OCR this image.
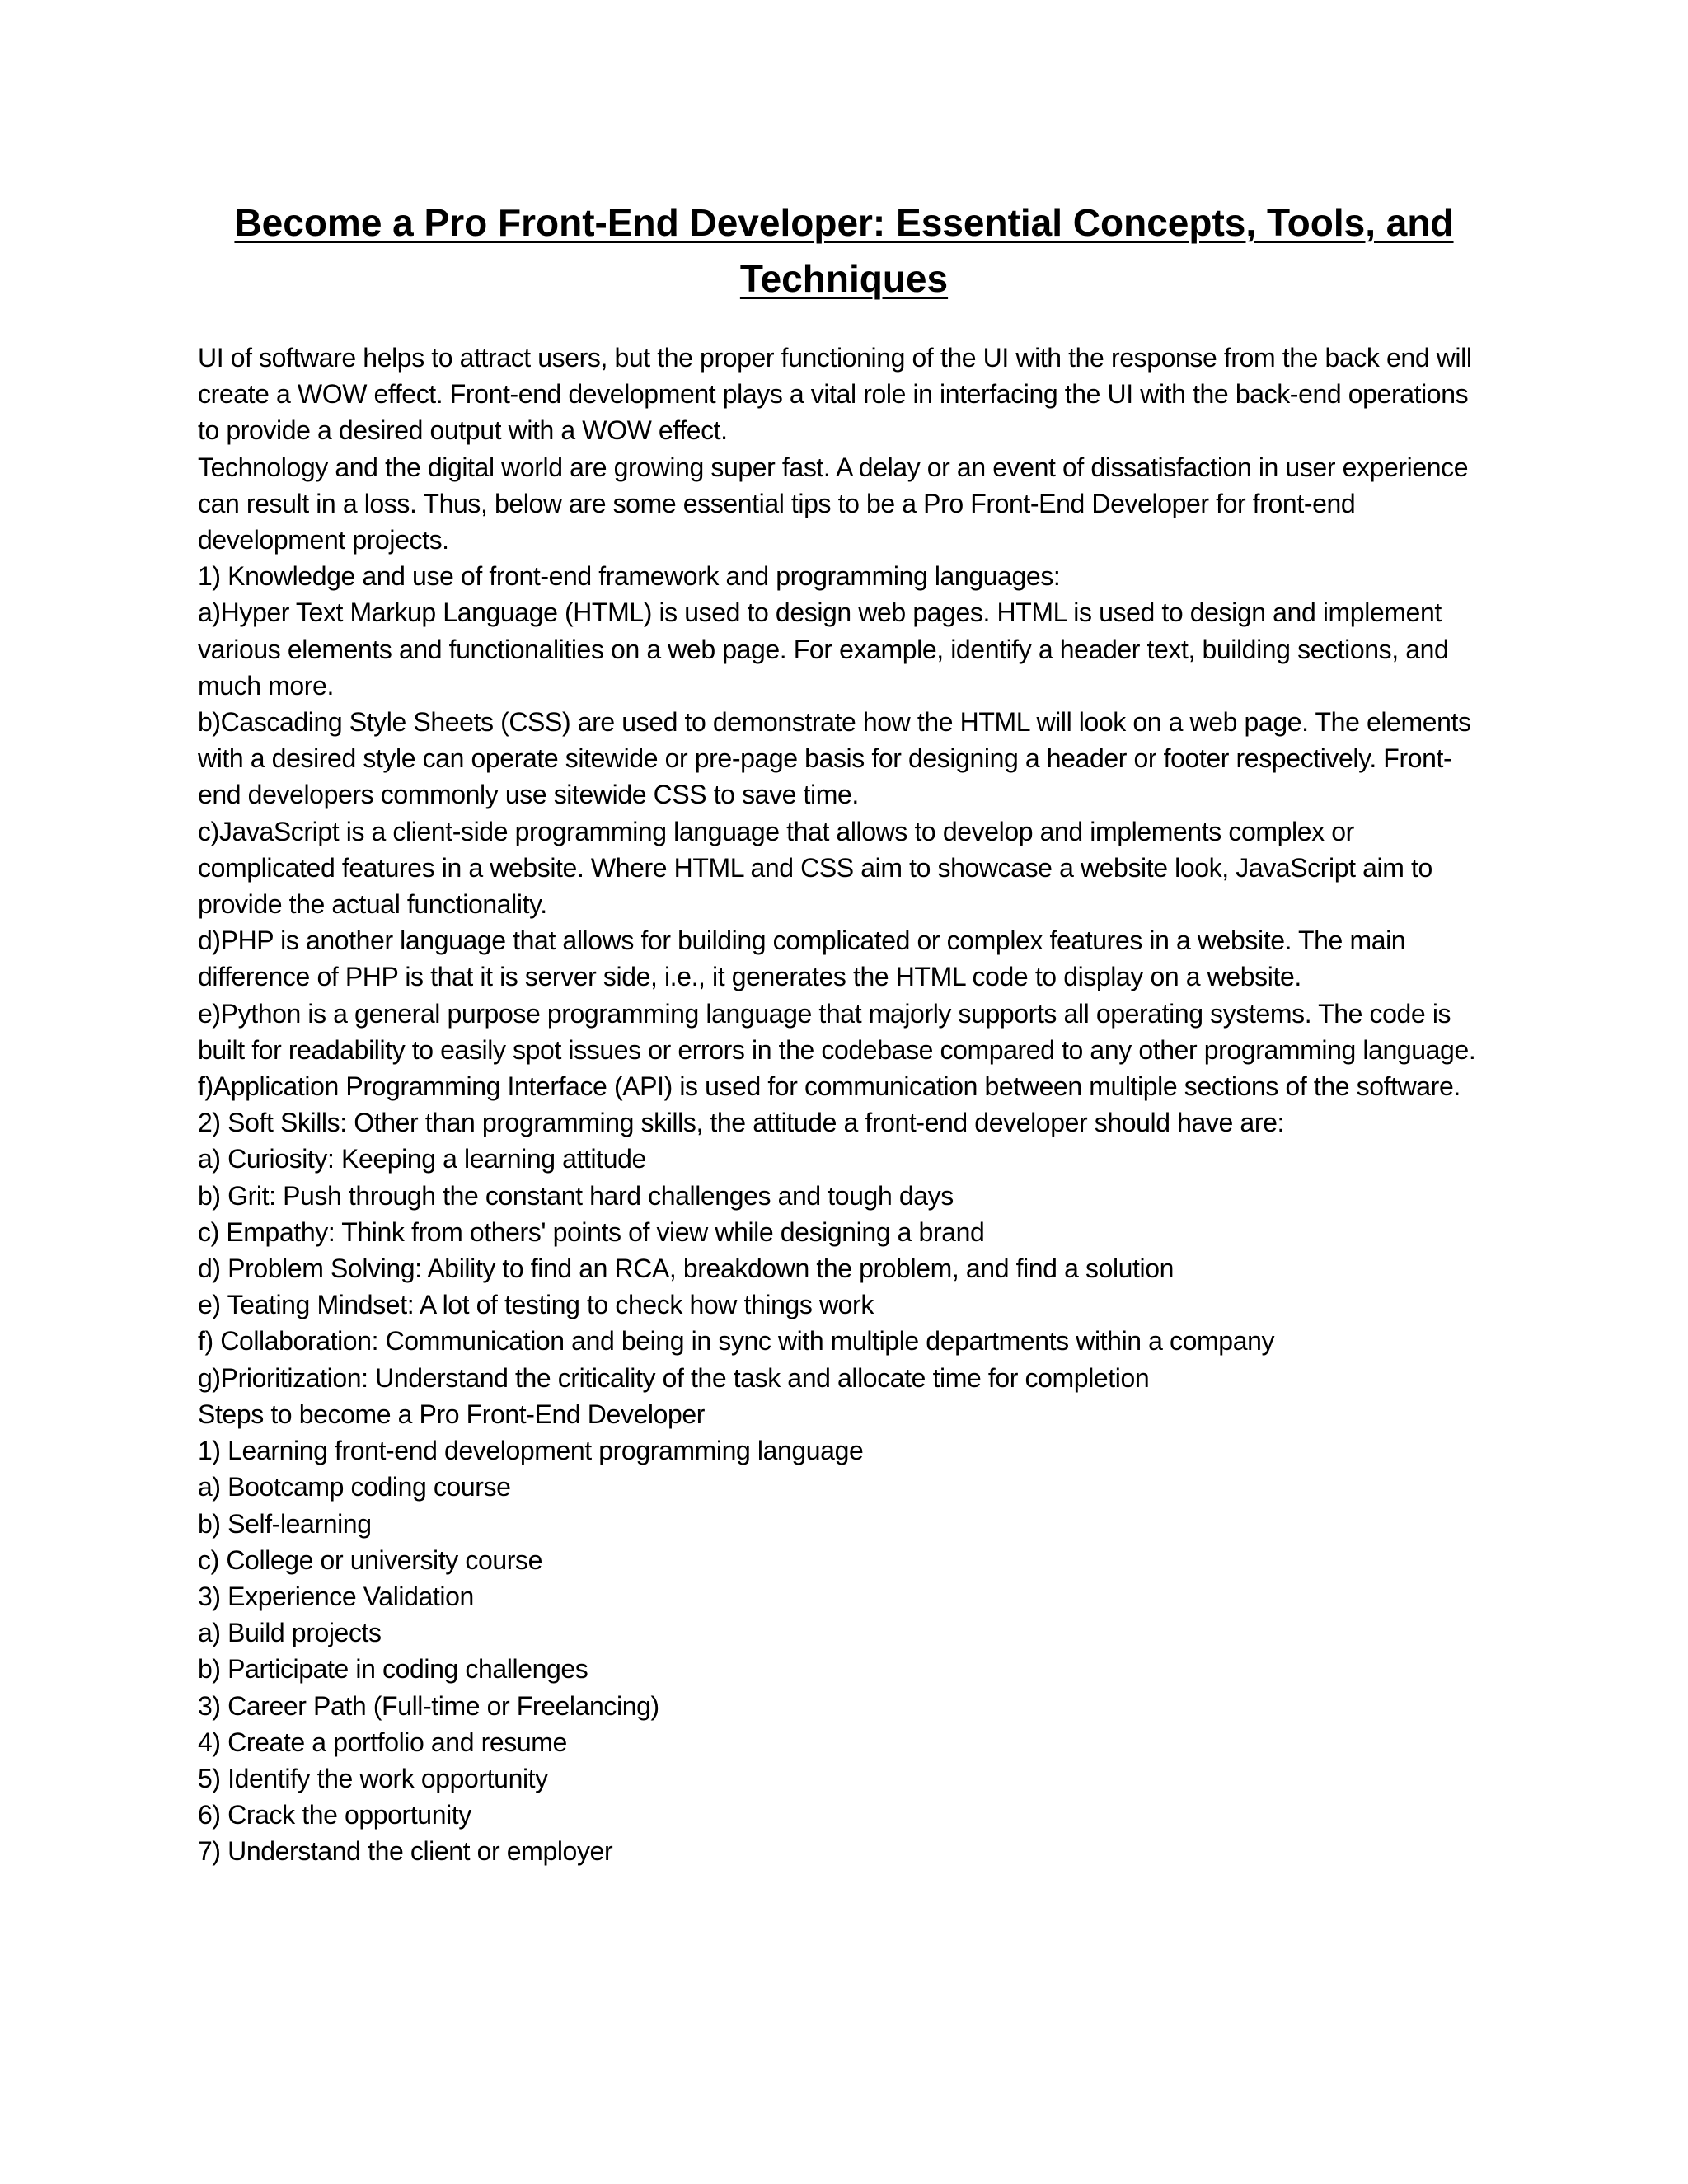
Become a Pro Front-End Developer: Essential Concepts, Tools, and Techniques

UI of software helps to attract users, but the proper functioning of the UI with the response from the back end will create a WOW effect. Front-end development plays a vital role in interfacing the UI with the back-end operations to provide a desired output with a WOW effect.

Technology and the digital world are growing super fast. A delay or an event of dissatisfaction in user experience can result in a loss. Thus, below are some essential tips to be a Pro Front-End Developer for front-end development projects.

1) Knowledge and use of front-end framework and programming languages:

a)Hyper Text Markup Language (HTML) is used to design web pages. HTML is used to design and implement various elements and functionalities on a web page. For example, identify a header text, building sections, and much more.

b)Cascading Style Sheets (CSS) are used to demonstrate how the HTML will look on a web page. The elements with a desired style can operate sitewide or pre-page basis for designing a header or footer respectively. Front-end developers commonly use sitewide CSS to save time.

c)JavaScript is a client-side programming language that allows to develop and implements complex or complicated features in a website. Where HTML and CSS aim to showcase a website look, JavaScript aim to provide the actual functionality.

d)PHP is another language that allows for building complicated or complex features in a website. The main difference of PHP is that it is server side, i.e., it generates the HTML code to display on a website.

e)Python is a general purpose programming language that majorly supports all operating systems. The code is built for readability to easily spot issues or errors in the codebase compared to any other programming language.

f)Application Programming Interface (API) is used for communication between multiple sections of the software.

2) Soft Skills: Other than programming skills, the attitude a front-end developer should have are:

a) Curiosity: Keeping a learning attitude

b) Grit: Push through the constant hard challenges and tough days

c) Empathy: Think from others' points of view while designing a brand

d) Problem Solving: Ability to find an RCA, breakdown the problem, and find a solution

e) Teating Mindset: A lot of testing to check how things work

f) Collaboration: Communication and being in sync with multiple departments within a company

g)Prioritization: Understand the criticality of the task and allocate time for completion

Steps to become a Pro Front-End Developer

1) Learning front-end development programming language

a) Bootcamp coding course

b) Self-learning

c) College or university course

3) Experience Validation

a) Build projects

b) Participate in coding challenges

3) Career Path (Full-time or Freelancing)

4) Create a portfolio and resume

5) Identify the work opportunity

6) Crack the opportunity

7) Understand the client or employer
